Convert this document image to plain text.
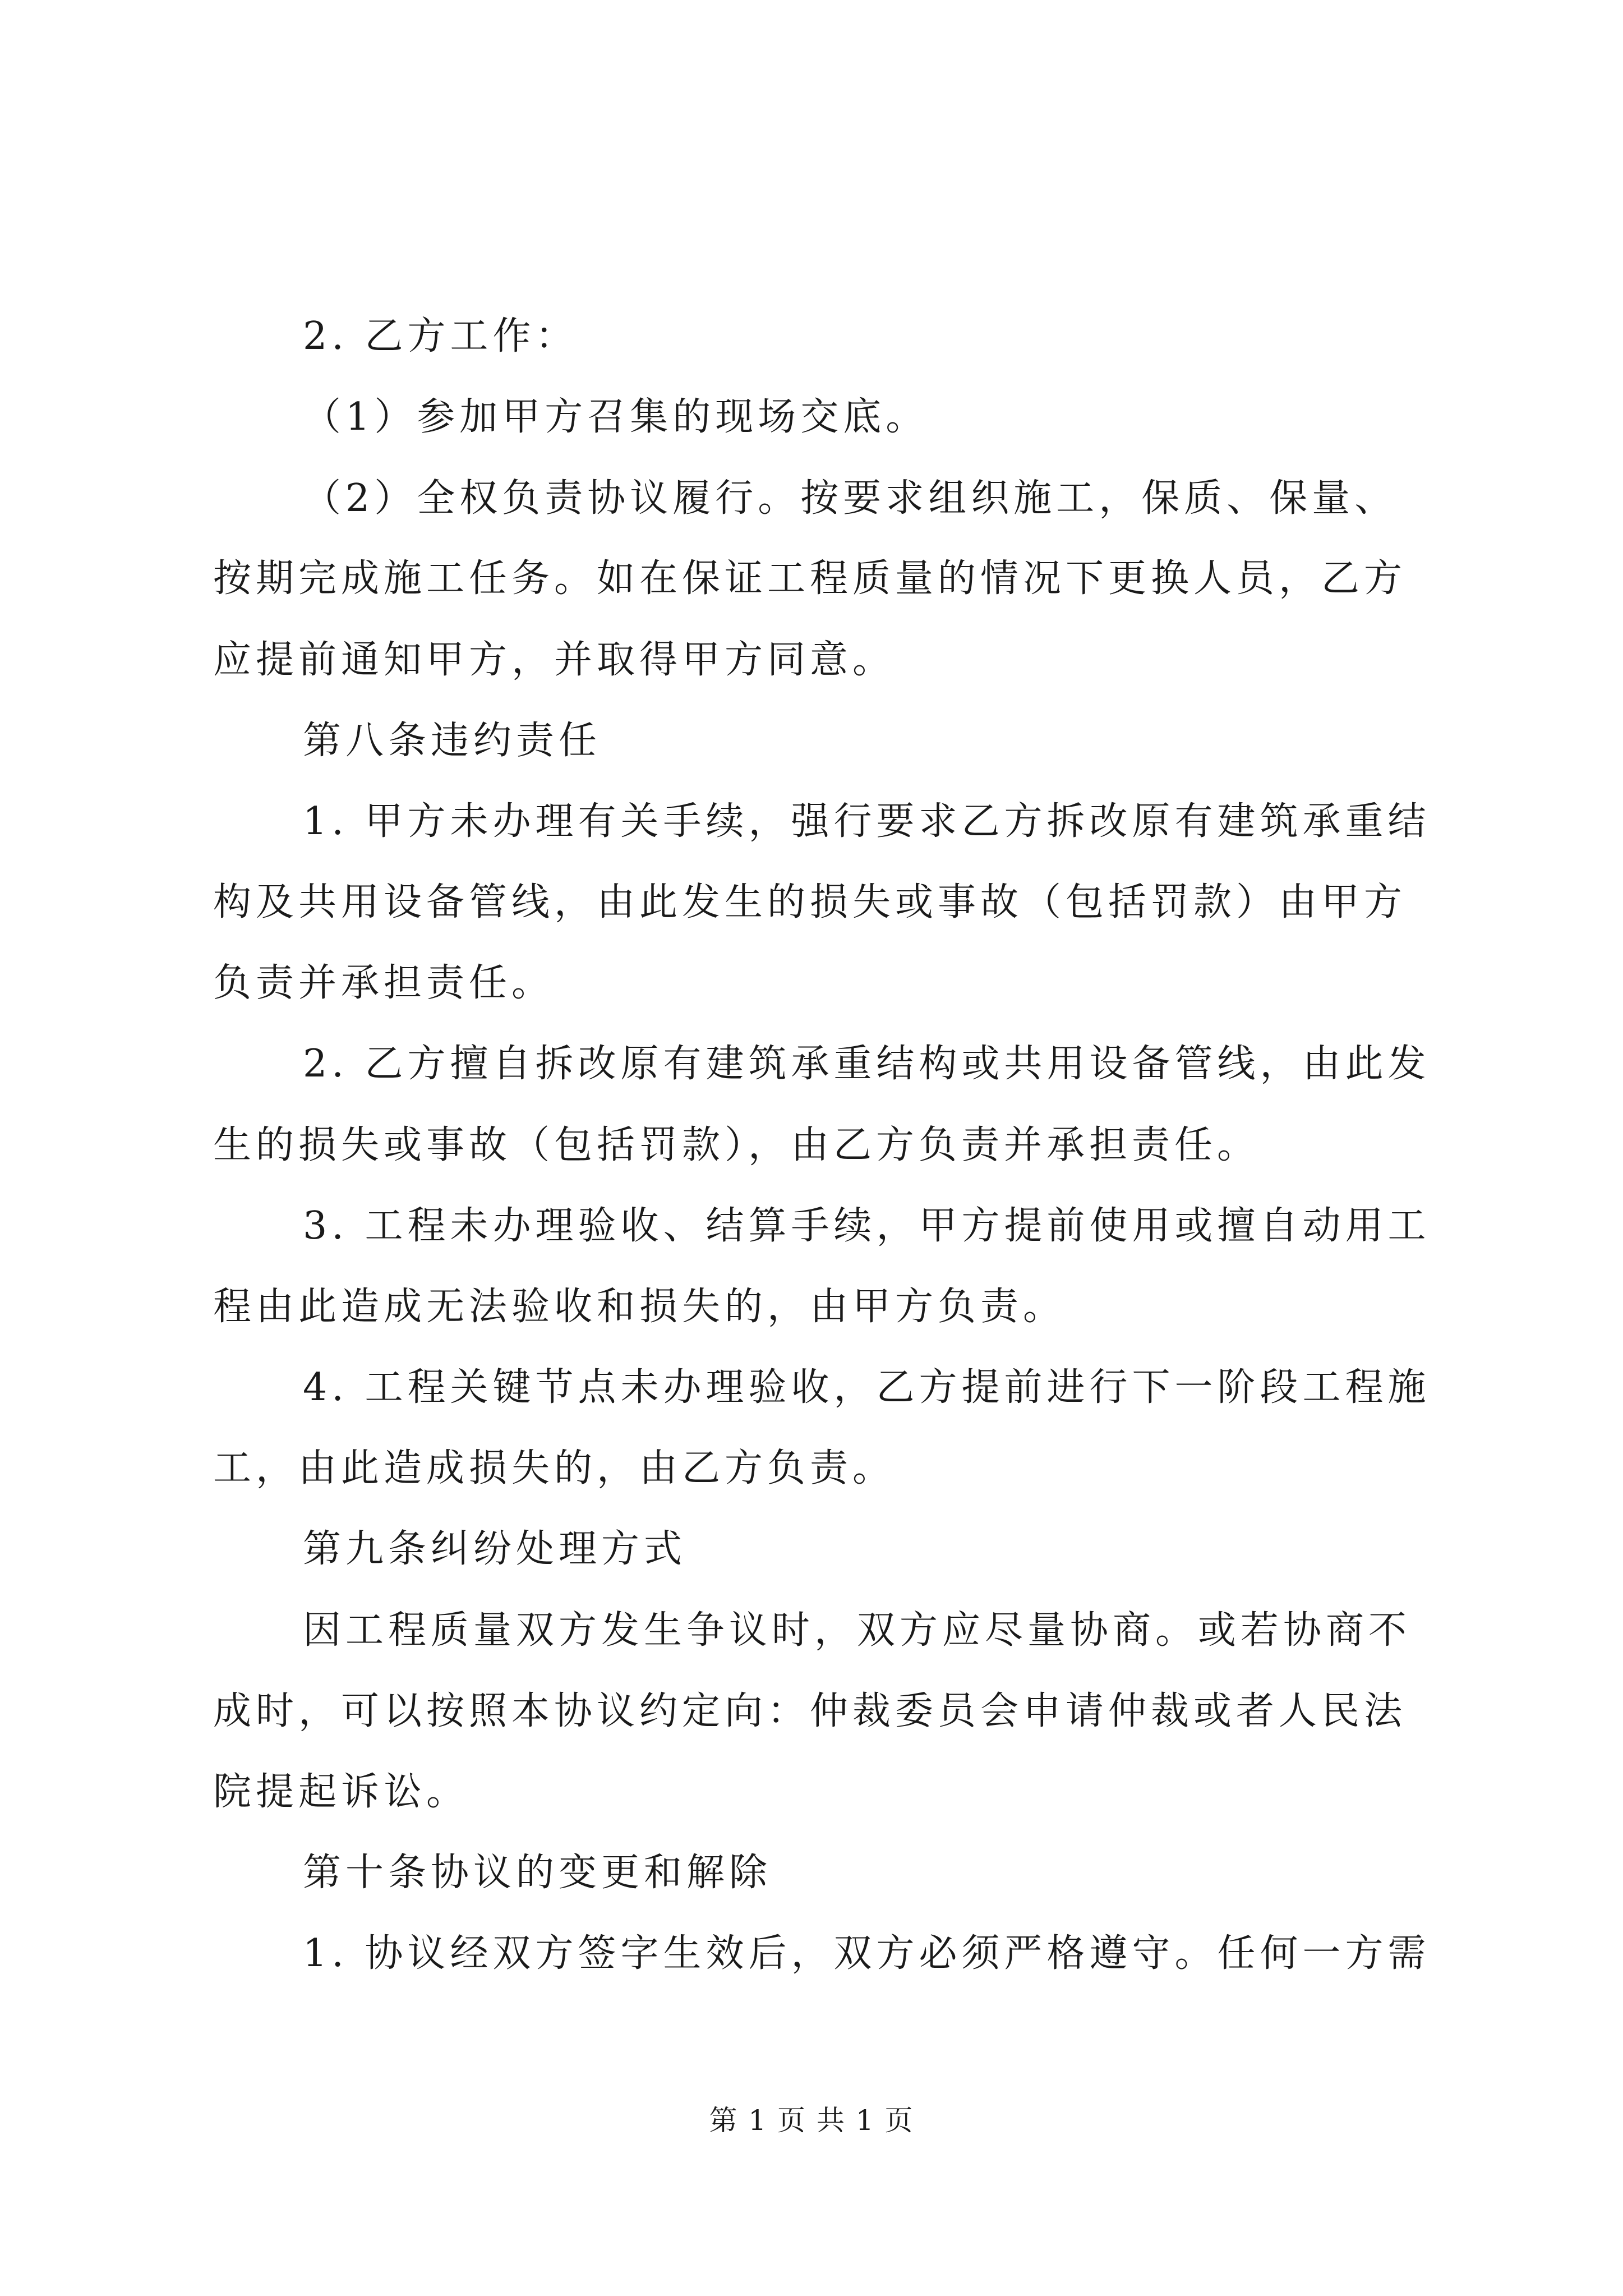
2. 乙方工作：
（1）参加甲方召集的现场交底。
（2）全权负责协议履行。按要求组织施工，保质、保量、
按期完成施工任务。如在保证工程质量的情况下更换人员，乙方
应提前通知甲方，并取得甲方同意。
第八条违约责任
1. 甲方未办理有关手续，强行要求乙方拆改原有建筑承重结
构及共用设备管线，由此发生的损失或事故（包括罚款）由甲方
负责并承担责任。
2. 乙方擅自拆改原有建筑承重结构或共用设备管线，由此发
生的损失或事故（包括罚款），由乙方负责并承担责任。
3. 工程未办理验收、结算手续，甲方提前使用或擅自动用工
程由此造成无法验收和损失的，由甲方负责。
4. 工程关键节点未办理验收，乙方提前进行下一阶段工程施
工，由此造成损失的，由乙方负责。
第九条纠纷处理方式
因工程质量双方发生争议时，双方应尽量协商。或若协商不
成时，可以按照本协议约定向：仲裁委员会申请仲裁或者人民法
院提起诉讼。
第十条协议的变更和解除
1. 协议经双方签字生效后，双方必须严格遵守。任何一方需
第 1 页 共 1 页
